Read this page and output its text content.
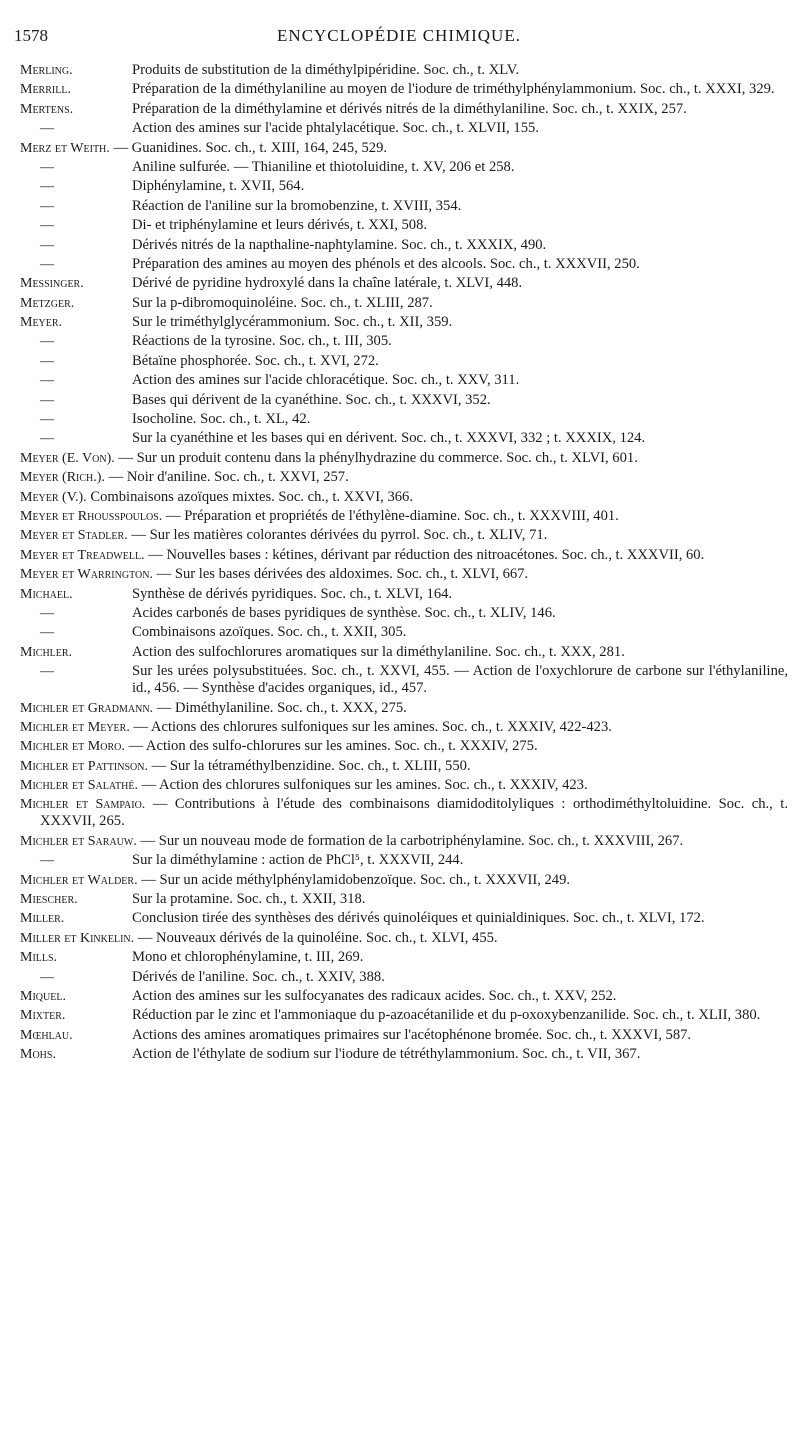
1578	ENCYCLOPÉDIE CHIMIQUE.
Merling.	Produits de substitution de la diméthylpipéridine. Soc. ch., t. XLV.
Merrill.	Préparation de la diméthylaniline au moyen de l'iodure de triméthylphénylammonium. Soc. ch., t. XXXI, 329.
Mertens.	Préparation de la diméthylamine et dérivés nitrés de la diméthylaniline. Soc. ch., t. XXIX, 257.
—	Action des amines sur l'acide phtalylacétique. Soc. ch., t. XLVII, 155.
Merz et Weith. — Guanidines. Soc. ch., t. XIII, 164, 245, 529.
—	Aniline sulfurée. — Thianiline et thiotoluidine, t. XV, 206 et 258.
—	Diphénylamine, t. XVII, 564.
—	Réaction de l'aniline sur la bromobenzine, t. XVIII, 354.
—	Di- et triphénylamine et leurs dérivés, t. XXI, 508.
—	Dérivés nitrés de la napthaline-naphtylamine. Soc. ch., t. XXXIX, 490.
—	Préparation des amines au moyen des phénols et des alcools. Soc. ch., t. XXXVII, 250.
Messinger.	Dérivé de pyridine hydroxylé dans la chaîne latérale, t. XLVI, 448.
Metzger.	Sur la p-dibromoquinoléine. Soc. ch., t. XLIII, 287.
Meyer.	Sur le triméthylglycérammonium. Soc. ch., t. XII, 359.
—	Réactions de la tyrosine. Soc. ch., t. III, 305.
—	Bétaïne phosphorée. Soc. ch., t. XVI, 272.
—	Action des amines sur l'acide chloracétique. Soc. ch., t. XXV, 311.
—	Bases qui dérivent de la cyanéthine. Soc. ch., t. XXXVI, 352.
—	Isocholine. Soc. ch., t. XL, 42.
—	Sur la cyanéthine et les bases qui en dérivent. Soc. ch., t. XXXVI, 332 ; t. XXXIX, 124.
Meyer (E. Von). — Sur un produit contenu dans la phénylhydrazine du commerce. Soc. ch., t. XLVI, 601.
Meyer (Rich.). — Noir d'aniline. Soc. ch., t. XXVI, 257.
Meyer (V.). Combinaisons azoïques mixtes. Soc. ch., t. XXVI, 366.
Meyer et Rhousspoulos. — Préparation et propriétés de l'éthylène-diamine. Soc. ch., t. XXXVIII, 401.
Meyer et Stadler. — Sur les matières colorantes dérivées du pyrrol. Soc. ch., t. XLIV, 71.
Meyer et Treadwell. — Nouvelles bases : kétines, dérivant par réduction des nitroacétones. Soc. ch., t. XXXVII, 60.
Meyer et Warrington. — Sur les bases dérivées des aldoximes. Soc. ch., t. XLVI, 667.
Michael.	Synthèse de dérivés pyridiques. Soc. ch., t. XLVI, 164.
—	Acides carbonés de bases pyridiques de synthèse. Soc. ch., t. XLIV, 146.
—	Combinaisons azoïques. Soc. ch., t. XXII, 305.
Michler.	Action des sulfochlorures aromatiques sur la diméthylaniline. Soc. ch., t. XXX, 281.
—	Sur les urées polysubstituées. Soc. ch., t. XXVI, 455. — Action de l'oxychlorure de carbone sur l'éthylaniline, id., 456. — Synthèse d'acides organiques, id., 457.
Michler et Gradmann. — Diméthylaniline. Soc. ch., t. XXX, 275.
Michler et Meyer. — Actions des chlorures sulfoniques sur les amines. Soc. ch., t. XXXIV, 422-423.
Michler et Moro. — Action des sulfo-chlorures sur les amines. Soc. ch., t. XXXIV, 275.
Michler et Pattinson. — Sur la tétraméthylbenzidine. Soc. ch., t. XLIII, 550.
Michler et Salathé. — Action des chlorures sulfoniques sur les amines. Soc. ch., t. XXXIV, 423.
Michler et Sampaio. — Contributions à l'étude des combinaisons diamidoditolyliques : orthodiméthyltoluidine. Soc. ch., t. XXXVII, 265.
Michler et Sarauw. — Sur un nouveau mode de formation de la carbotriphénylamine. Soc. ch., t. XXXVIII, 267.
—	Sur la diméthylamine : action de PhCl⁵, t. XXXVII, 244.
Michler et Walder. — Sur un acide méthylphénylamidobenzoïque. Soc. ch., t. XXXVII, 249.
Miescher.	Sur la protamine. Soc. ch., t. XXII, 318.
Miller.	Conclusion tirée des synthèses des dérivés quinoléiques et quinialdiniques. Soc. ch., t. XLVI, 172.
Miller et Kinkelin. — Nouveaux dérivés de la quinoléine. Soc. ch., t. XLVI, 455.
Mills.	Mono et chlorophénylamine, t. III, 269.
—	Dérivés de l'aniline. Soc. ch., t. XXIV, 388.
Miquel.	Action des amines sur les sulfocyanates des radicaux acides. Soc. ch., t. XXV, 252.
Mixter.	Réduction par le zinc et l'ammoniaque du p-azoacétanilide et du p-oxoxybenzanilide. Soc. ch., t. XLII, 380.
Mœhlau.	Actions des amines aromatiques primaires sur l'acétophénone bromée. Soc. ch., t. XXXVI, 587.
Mohs.	Action de l'éthylate de sodium sur l'iodure de tétréthylammonium. Soc. ch., t. VII, 367.
